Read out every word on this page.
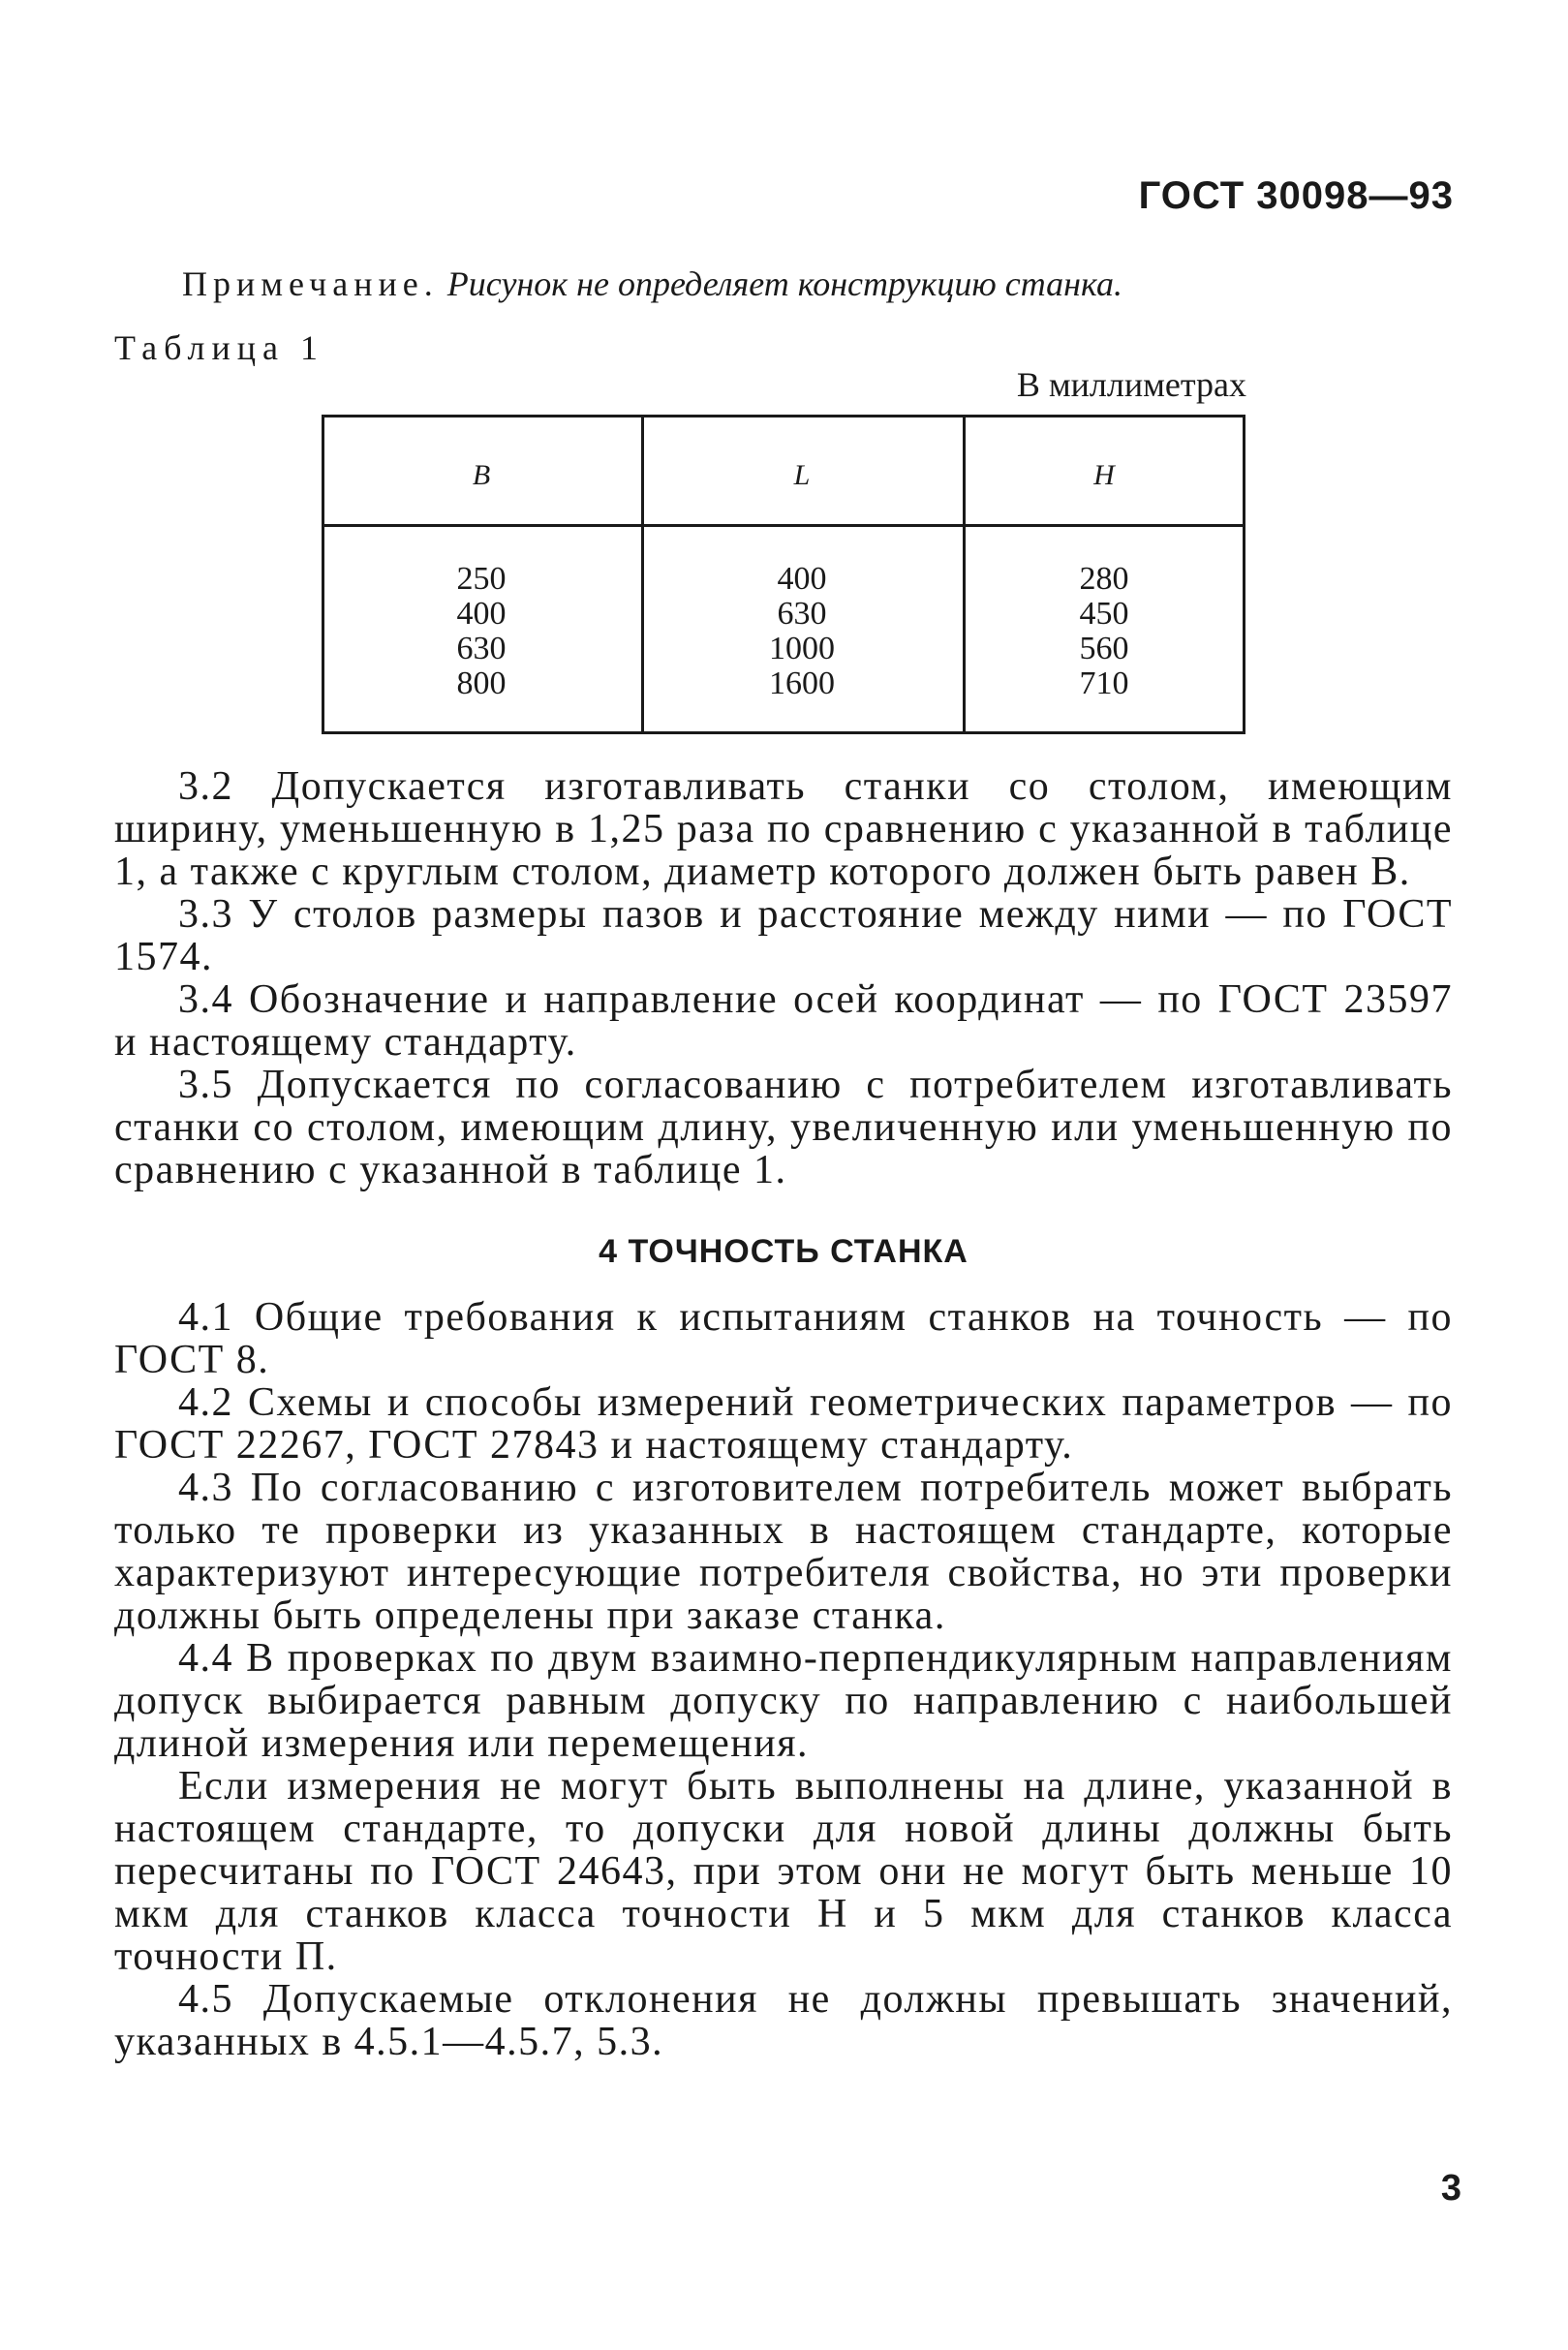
ГОСТ 30098—93
Примечание. Рисунок не определяет конструкцию станка.
Таблица 1
В миллиметрах
B	L	H
250
400
630
800
400
630
1000
1600
280
450
560
710

3.2 Допускается изготавливать станки со столом, имеющим ширину, уменьшенную в 1,25 раза по сравнению с указанной в таблице 1, а также с круглым столом, диаметр которого должен быть равен B.

3.3 У столов размеры пазов и расстояние между ними — по ГОСТ 1574.

3.4 Обозначение и направление осей координат — по ГОСТ 23597 и настоящему стандарту.

3.5 Допускается по согласованию с потребителем изготавливать станки со столом, имеющим длину, увеличенную или уменьшенную по сравнению с указанной в таблице 1.

4 ТОЧНОСТЬ СТАНКА

4.1 Общие требования к испытаниям станков на точность — по ГОСТ 8.

4.2 Схемы и способы измерений геометрических параметров — по ГОСТ 22267, ГОСТ 27843 и настоящему стандарту.

4.3 По согласованию с изготовителем потребитель может выбрать только те проверки из указанных в настоящем стандарте, которые характеризуют интересующие потребителя свойства, но эти проверки должны быть определены при заказе станка.

4.4 В проверках по двум взаимно-перпендикулярным направлениям допуск выбирается равным допуску по направлению с наибольшей длиной измерения или перемещения.

Если измерения не могут быть выполнены на длине, указанной в настоящем стандарте, то допуски для новой длины должны быть пересчитаны по ГОСТ 24643, при этом они не могут быть меньше 10 мкм для станков класса точности Н и 5 мкм для станков класса точности П.

4.5 Допускаемые отклонения не должны превышать значений, указанных в 4.5.1—4.5.7, 5.3.

3
